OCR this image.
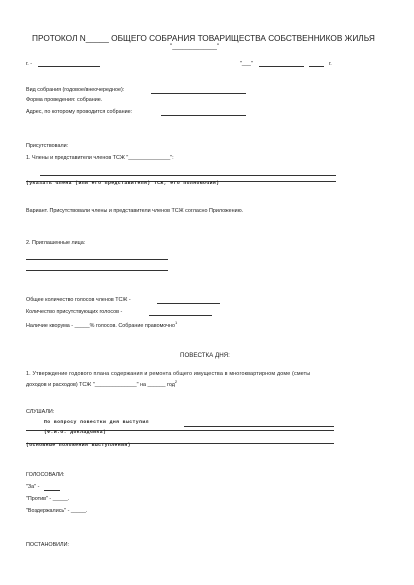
ПРОТОКОЛ N_____ ОБЩЕГО СОБРАНИЯ ТОВАРИЩЕСТВА СОБСТВЕННИКОВ ЖИЛЬЯ
"_____________"
г. -	"___"	г.
Вид собрания (годовое/внеочередное):
Форма проведения: собрание.
Адрес, по которому проводится собрание:
Присутствовали:
1. Члены и представители членов ТСЖ "______________":
(указать члена (или его представителя) ТСЖ, его полномочия)
Вариант. Присутствовали члены и представители членов ТСЖ согласно Приложению.
2. Приглашенные лица:
Общее количество голосов членов ТСЖ -
Количество присутствующих голосов -
Наличие кворума - _____% голосов. Собрание правомочно$^1$
ПОВЕСТКА ДНЯ:
1. Утверждение годового плана содержания и ремонта общего имущества в многоквартирном доме (сметы
доходов и расходов) ТСЖ "______________" на ______ год$^2$
СЛУШАЛИ:
По вопросу повестки дня выступил
(Ф.И.О. докладчика)
(основные положения выступления)
ГОЛОСОВАЛИ:
"За" -
"Против" - _____.
"Воздержались" - _____.
ПОСТАНОВИЛИ:
